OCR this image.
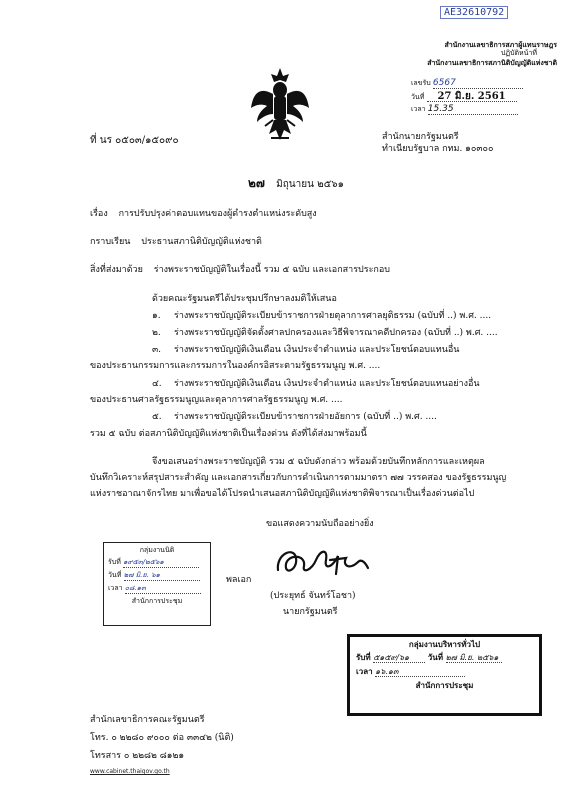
AE32610792
สำนักงานเลขาธิการสภาผู้แทนราษฎร
ปฏิบัติหน้าที่
สำนักงานเลขาธิการสภานิติบัญญัติแห่งชาติ
เลขรับ 6567
วันที่ 27 มิ.ย. 2561
เวลา 15.35
ที่ นร ๐๕๐๓/๑๕๐๙๐	สำนักนายกรัฐมนตรี
ทำเนียบรัฐบาล กทม. ๑๐๓๐๐
๒๗ มิถุนายน ๒๕๖๑
เรื่อง การปรับปรุงค่าตอบแทนของผู้ดำรงตำแหน่งระดับสูง
กราบเรียน ประธานสภานิติบัญญัติแห่งชาติ
สิ่งที่ส่งมาด้วย ร่างพระราชบัญญัติในเรื่องนี้ รวม ๕ ฉบับ และเอกสารประกอบ
ด้วยคณะรัฐมนตรีได้ประชุมปรึกษาลงมติให้เสนอ
๑. ร่างพระราชบัญญัติระเบียบข้าราชการฝ่ายตุลาการศาลยุติธรรม (ฉบับที่ ..) พ.ศ. ....
๒. ร่างพระราชบัญญัติจัดตั้งศาลปกครองและวิธีพิจารณาคดีปกครอง (ฉบับที่ ..) พ.ศ. ....
๓. ร่างพระราชบัญญัติเงินเดือน เงินประจำตำแหน่ง และประโยชน์ตอบแทนอื่น
ของประธานกรรมการและกรรมการในองค์กรอิสระตามรัฐธรรมนูญ พ.ศ. ....
๔. ร่างพระราชบัญญัติเงินเดือน เงินประจำตำแหน่ง และประโยชน์ตอบแทนอย่างอื่น
ของประธานศาลรัฐธรรมนูญและตุลาการศาลรัฐธรรมนูญ พ.ศ. ....
๕. ร่างพระราชบัญญัติระเบียบข้าราชการฝ่ายอัยการ (ฉบับที่ ..) พ.ศ. ....
รวม ๕ ฉบับ ต่อสภานิติบัญญัติแห่งชาติเป็นเรื่องด่วน ดังที่ได้ส่งมาพร้อมนี้
จึงขอเสนอร่างพระราชบัญญัติ รวม ๕ ฉบับดังกล่าว พร้อมด้วยบันทึกหลักการและเหตุผล
บันทึกวิเคราะห์สรุปสาระสำคัญ และเอกสารเกี่ยวกับการดำเนินการตามมาตรา ๗๗ วรรคสอง ของรัฐธรรมนูญ
แห่งราชอาณาจักรไทย มาเพื่อขอได้โปรดนำเสนอสภานิติบัญญัติแห่งชาติพิจารณาเป็นเรื่องด่วนต่อไป
ขอแสดงความนับถืออย่างยิ่ง
พลเอก
(ประยุทธ์ จันทร์โอชา)
นายกรัฐมนตรี
กลุ่มงานนิติ
รับที่ ๑๙๕๓/๒๕๖๑
วันที่ ๒๗ มิ.ย. ๖๑
เวลา ๐๘.๑๓
สำนักการประชุม
กลุ่มงานบริหารทั่วไป
รับที่ ๕๑๕๙/๖๑ วันที่ ๒๗ มิ.ย. ๒๕๖๑
เวลา ๑๖.๑๓
สำนักการประชุม
สำนักเลขาธิการคณะรัฐมนตรี
โทร. ๐ ๒๒๘๐ ๙๐๐๐ ต่อ ๓๓๔๒ (นิติ)
โทรสาร ๐ ๒๒๘๒ ๘๑๒๑
www.cabinet.thaigov.go.th
